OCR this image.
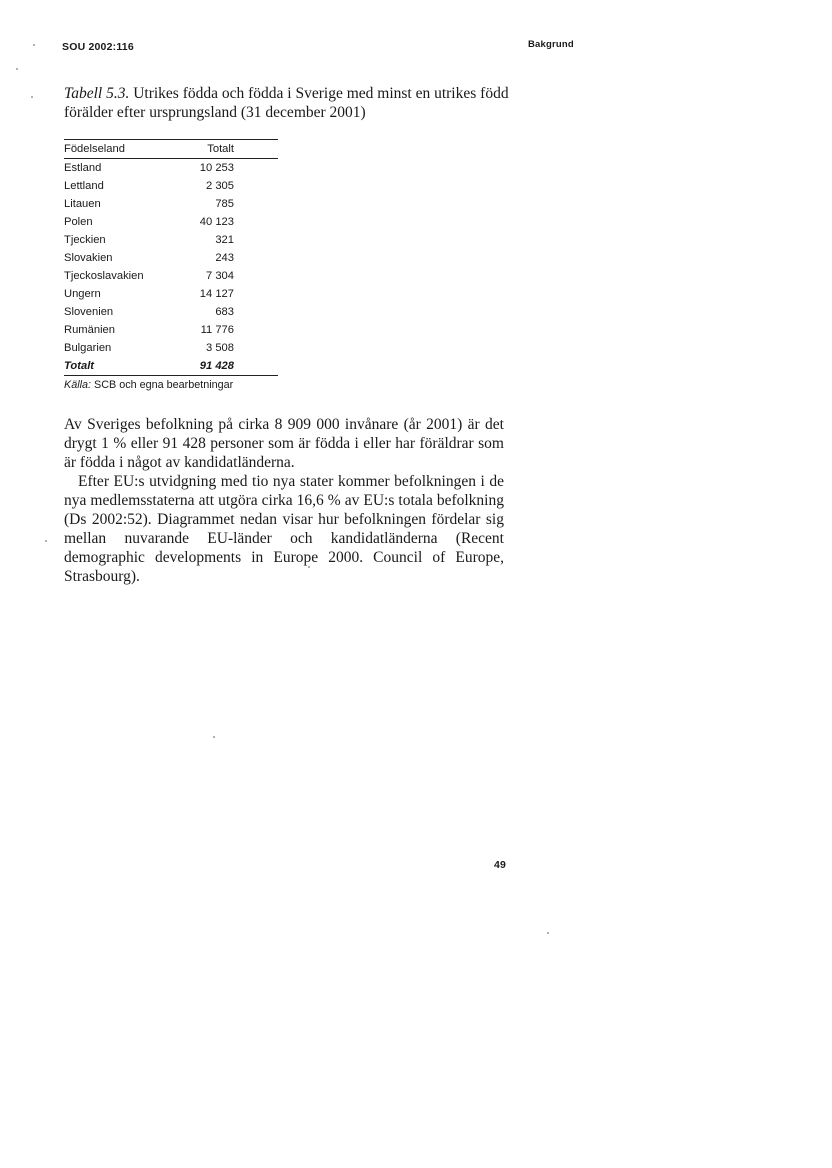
SOU 2002:116	Bakgrund
Tabell 5.3. Utrikes födda och födda i Sverige med minst en utrikes född förälder efter ursprungsland (31 december 2001)
Födelseland	Totalt
Estland	10 253
Lettland	2 305
Litauen	785
Polen	40 123
Tjeckien	321
Slovakien	243
Tjeckoslavakien	7 304
Ungern	14 127
Slovenien	683
Rumänien	11 776
Bulgarien	3 508
Totalt	91 428
Källa: SCB och egna bearbetningar

Av Sveriges befolkning på cirka 8 909 000 invånare (år 2001) är det drygt 1 % eller 91 428 personer som är födda i eller har föräldrar som är födda i något av kandidatländerna.

Efter EU:s utvidgning med tio nya stater kommer befolkningen i de nya medlemsstaterna att utgöra cirka 16,6 % av EU:s totala befolkning (Ds 2002:52). Diagrammet nedan visar hur befolkningen fördelar sig mellan nuvarande EU-länder och kandidatländerna (Recent demographic developments in Europe 2000. Council of Europe, Strasbourg).

49
